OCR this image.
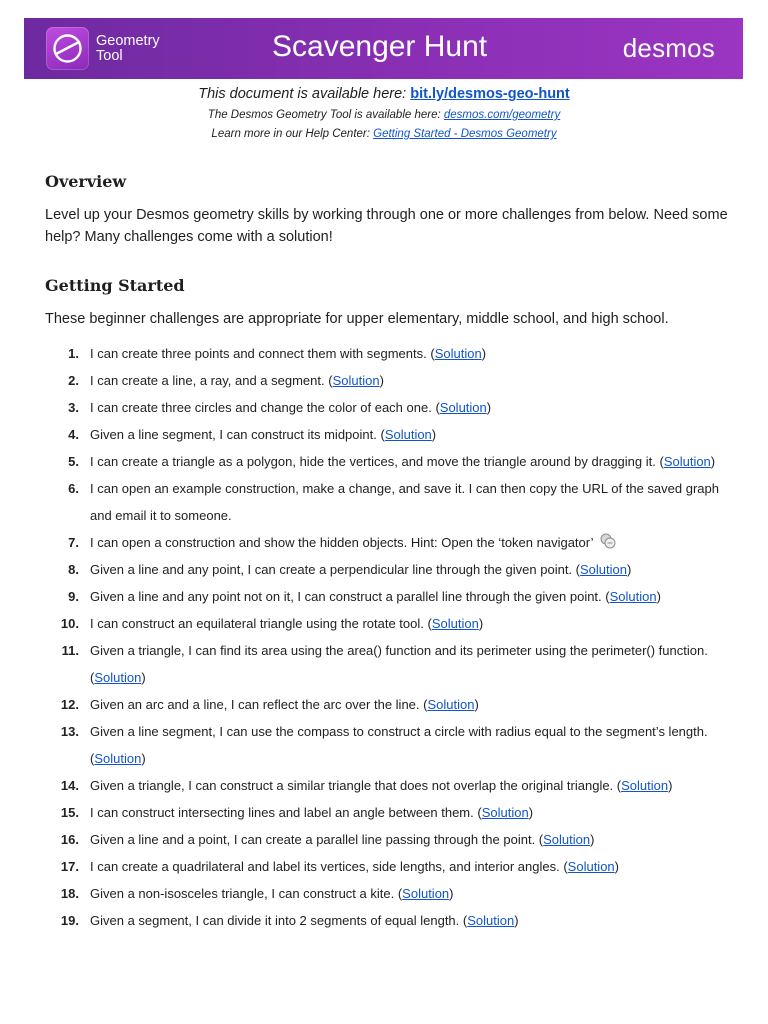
Geometry
Tool	Scavenger Hunt	desmos
This document is available here: bit.ly/desmos-geo-hunt
The Desmos Geometry Tool is available here: desmos.com/geometry
Learn more in our Help Center: Getting Started - Desmos Geometry
Overview

Level up your Desmos geometry skills by working through one or more challenges from below. Need some help? Many challenges come with a solution!

Getting Started

These beginner challenges are appropriate for upper elementary, middle school, and high school.

1. I can create three points and connect them with segments. (Solution)
2. I can create a line, a ray, and a segment. (Solution)
3. I can create three circles and change the color of each one. (Solution)
4. Given a line segment, I can construct its midpoint. (Solution)
5. I can create a triangle as a polygon, hide the vertices, and move the triangle around by dragging it. (Solution)
6. I can open an example construction, make a change, and save it. I can then copy the URL of the saved graph and email it to someone.
7. I can open a construction and show the hidden objects. Hint: Open the ‘token navigator’
8. Given a line and any point, I can create a perpendicular line through the given point. (Solution)
9. Given a line and any point not on it, I can construct a parallel line through the given point. (Solution)
10. I can construct an equilateral triangle using the rotate tool. (Solution)
11. Given a triangle, I can find its area using the area() function and its perimeter using the perimeter() function. (Solution)
12. Given an arc and a line, I can reflect the arc over the line. (Solution)
13. Given a line segment, I can use the compass to construct a circle with radius equal to the segment’s length. (Solution)
14. Given a triangle, I can construct a similar triangle that does not overlap the original triangle. (Solution)
15. I can construct intersecting lines and label an angle between them. (Solution)
16. Given a line and a point, I can create a parallel line passing through the point. (Solution)
17. I can create a quadrilateral and label its vertices, side lengths, and interior angles. (Solution)
18. Given a non-isosceles triangle, I can construct a kite. (Solution)
19. Given a segment, I can divide it into 2 segments of equal length. (Solution)
